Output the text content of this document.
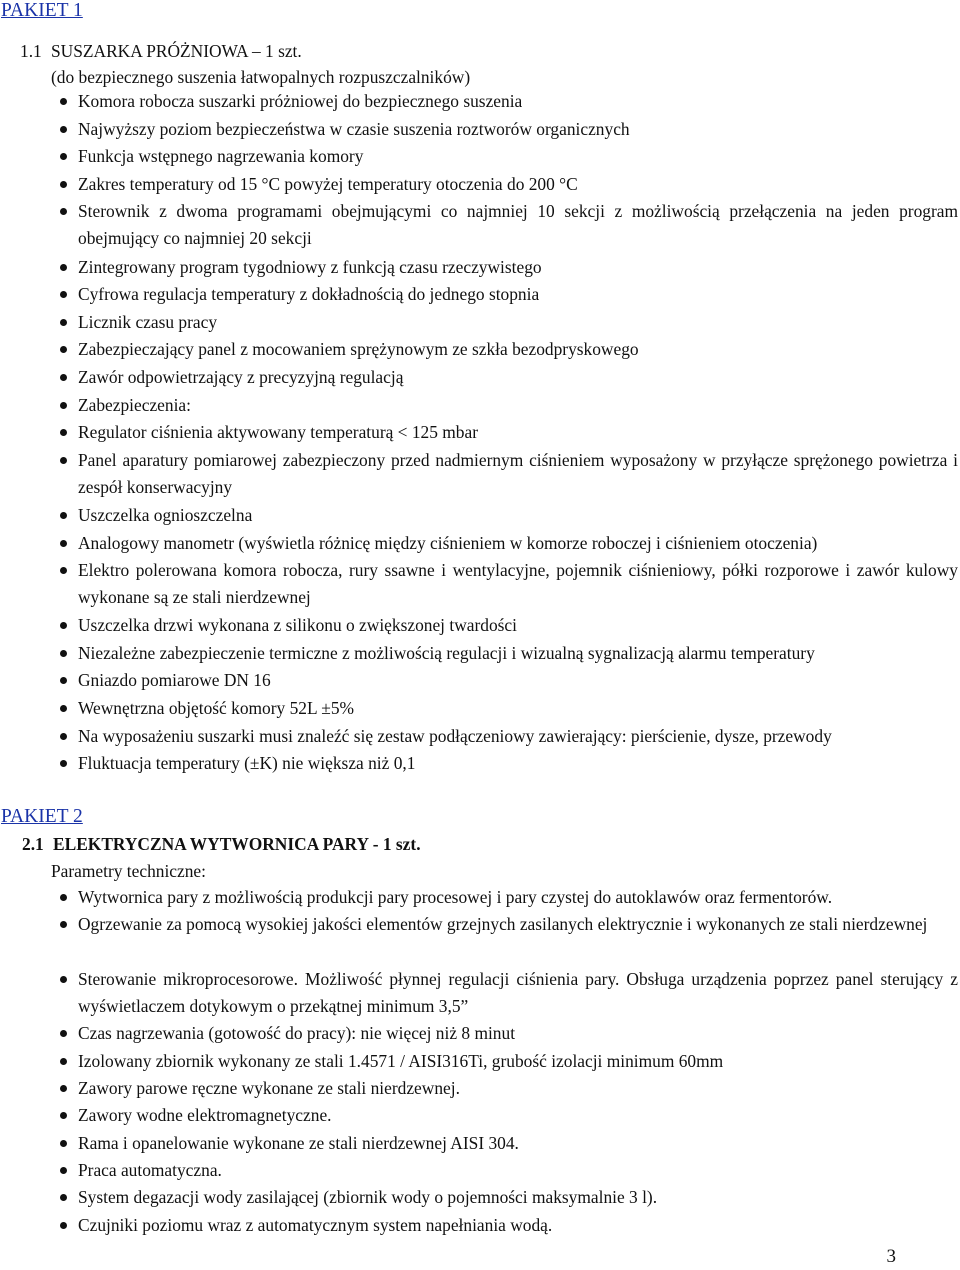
PAKIET 1
1.1 SUSZARKA PRÓŻNIOWA – 1 szt.

(do bezpiecznego suszenia łatwopalnych rozpuszczalników)

Komora robocza suszarki próżniowej do bezpiecznego suszenia
Najwyższy poziom bezpieczeństwa w czasie suszenia roztworów organicznych
Funkcja wstępnego nagrzewania komory
Zakres temperatury od 15 °C powyżej temperatury otoczenia do 200 °C
Sterownik z dwoma programami obejmującymi co najmniej 10 sekcji z możliwością przełączenia na jeden program obejmujący co najmniej 20 sekcji
Zintegrowany program tygodniowy z funkcją czasu rzeczywistego
Cyfrowa regulacja temperatury z dokładnością do jednego stopnia
Licznik czasu pracy
Zabezpieczający panel z mocowaniem sprężynowym ze szkła bezodpryskowego
Zawór odpowietrzający z precyzyjną regulacją
Zabezpieczenia:
Regulator ciśnienia aktywowany temperaturą < 125 mbar
Panel aparatury pomiarowej zabezpieczony przed nadmiernym ciśnieniem wyposażony w przyłącze sprężonego powietrza i zespół konserwacyjny
Uszczelka ognioszczelna
Analogowy manometr (wyświetla różnicę między ciśnieniem w komorze roboczej i ciśnieniem otoczenia)
Elektro polerowana komora robocza, rury ssawne i wentylacyjne, pojemnik ciśnieniowy, półki rozporowe i zawór kulowy wykonane są ze stali nierdzewnej
Uszczelka drzwi wykonana z silikonu o zwiększonej twardości
Niezależne zabezpieczenie termiczne z możliwością regulacji i wizualną sygnalizacją alarmu temperatury
Gniazdo pomiarowe DN 16
Wewnętrzna objętość komory 52L ±5%
Na wyposażeniu suszarki musi znaleźć się zestaw podłączeniowy zawierający: pierścienie, dysze, przewody
Fluktuacja temperatury (±K) nie większa niż 0,1
PAKIET 2
2.1 ELEKTRYCZNA WYTWORNICA PARY - 1 szt.

Parametry techniczne:

Wytwornica pary z możliwością produkcji pary procesowej i pary czystej do autoklawów oraz fermentorów.
Ogrzewanie za pomocą wysokiej jakości elementów grzejnych zasilanych elektrycznie i wykonanych ze stali nierdzewnej
Sterowanie mikroprocesorowe. Możliwość płynnej regulacji ciśnienia pary. Obsługa urządzenia poprzez panel sterujący z wyświetlaczem dotykowym o przekątnej minimum 3,5”
Czas nagrzewania (gotowość do pracy): nie więcej niż 8 minut
Izolowany zbiornik wykonany ze stali 1.4571 / AISI316Ti, grubość izolacji minimum 60mm
Zawory parowe ręczne wykonane ze stali nierdzewnej.
Zawory wodne elektromagnetyczne.
Rama i opanelowanie wykonane ze stali nierdzewnej AISI 304.
Praca automatyczna.
System degazacji wody zasilającej (zbiornik wody o pojemności maksymalnie 3 l).
Czujniki poziomu wraz z automatycznym system napełniania wodą.
3
